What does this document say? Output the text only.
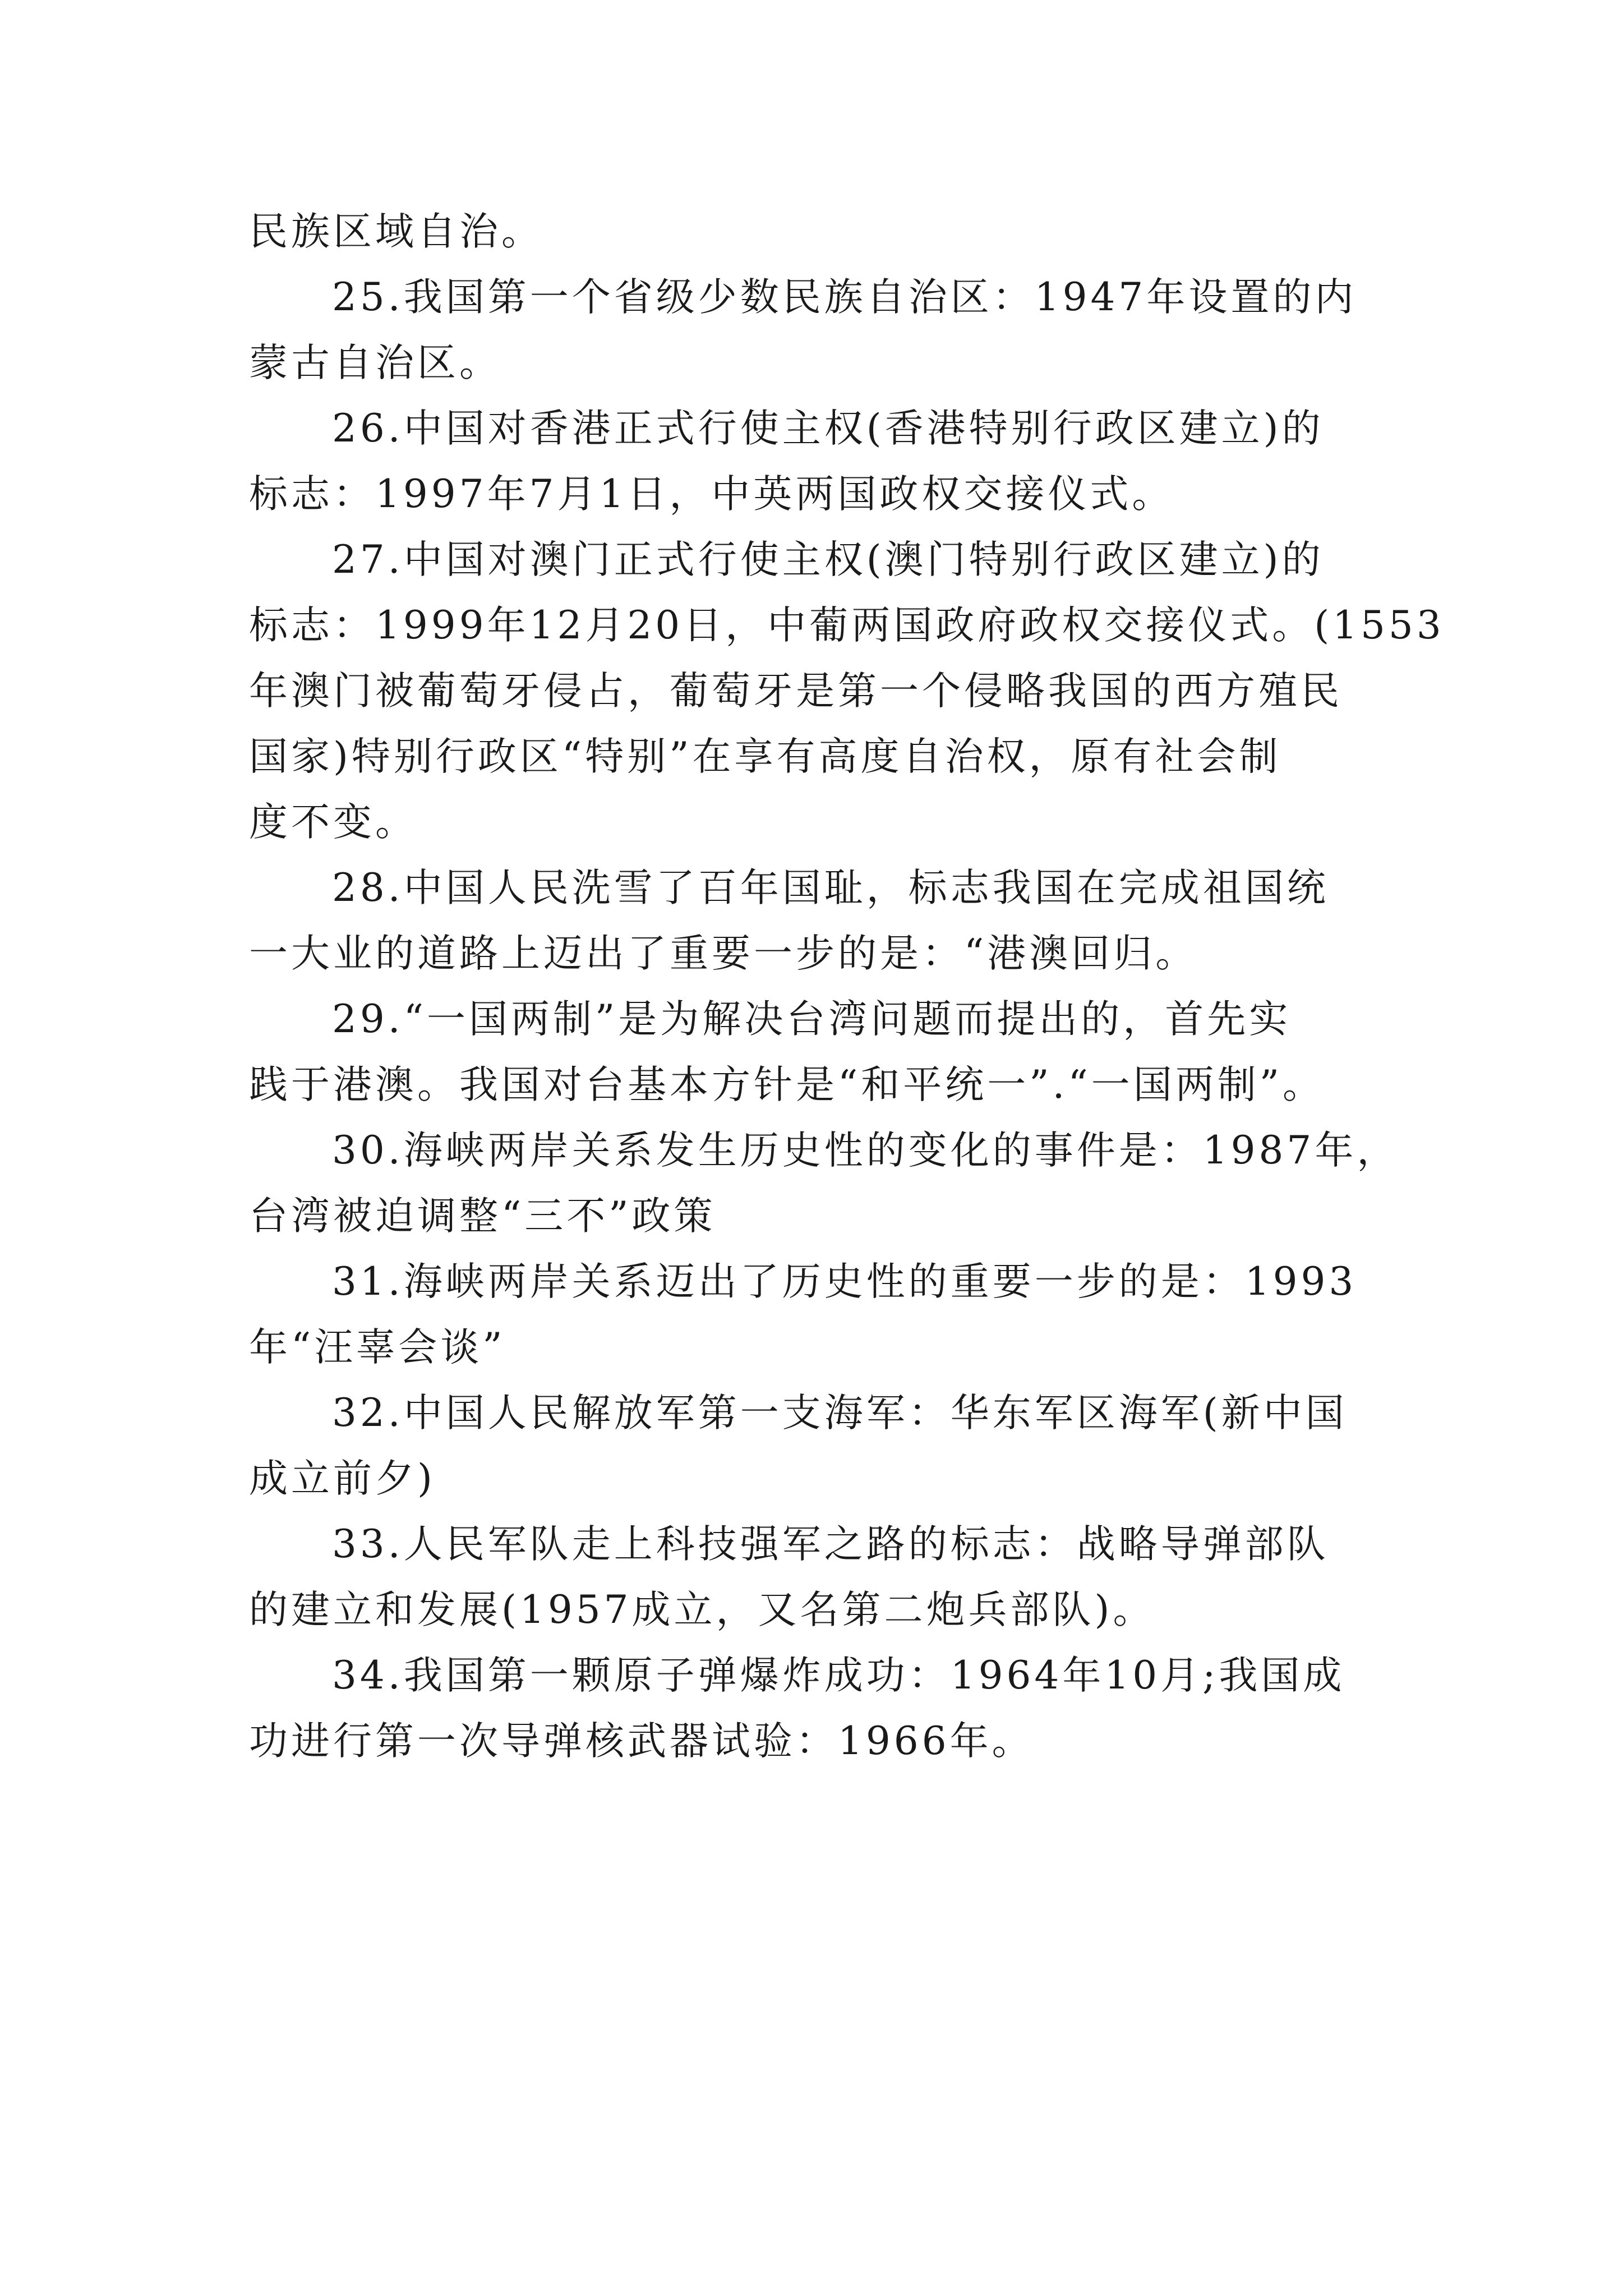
民族区域自治。
25.我国第一个省级少数民族自治区：1947年设置的内
蒙古自治区。
26.中国对香港正式行使主权(香港特别行政区建立)的
标志：1997年7月1日，中英两国政权交接仪式。
27.中国对澳门正式行使主权(澳门特别行政区建立)的
标志：1999年12月20日，中葡两国政府政权交接仪式。(1553
年澳门被葡萄牙侵占，葡萄牙是第一个侵略我国的西方殖民
国家)特别行政区“特别”在享有高度自治权，原有社会制
度不变。
28.中国人民洗雪了百年国耻，标志我国在完成祖国统
一大业的道路上迈出了重要一步的是：“港澳回归。
29.“一国两制”是为解决台湾问题而提出的，首先实
践于港澳。我国对台基本方针是“和平统一”.“一国两制”。
30.海峡两岸关系发生历史性的变化的事件是：1987年，
台湾被迫调整“三不”政策
31.海峡两岸关系迈出了历史性的重要一步的是：1993
年“汪辜会谈”
32.中国人民解放军第一支海军：华东军区海军(新中国
成立前夕)
33.人民军队走上科技强军之路的标志：战略导弹部队
的建立和发展(1957成立，又名第二炮兵部队)。
34.我国第一颗原子弹爆炸成功：1964年10月;我国成
功进行第一次导弹核武器试验：1966年。
